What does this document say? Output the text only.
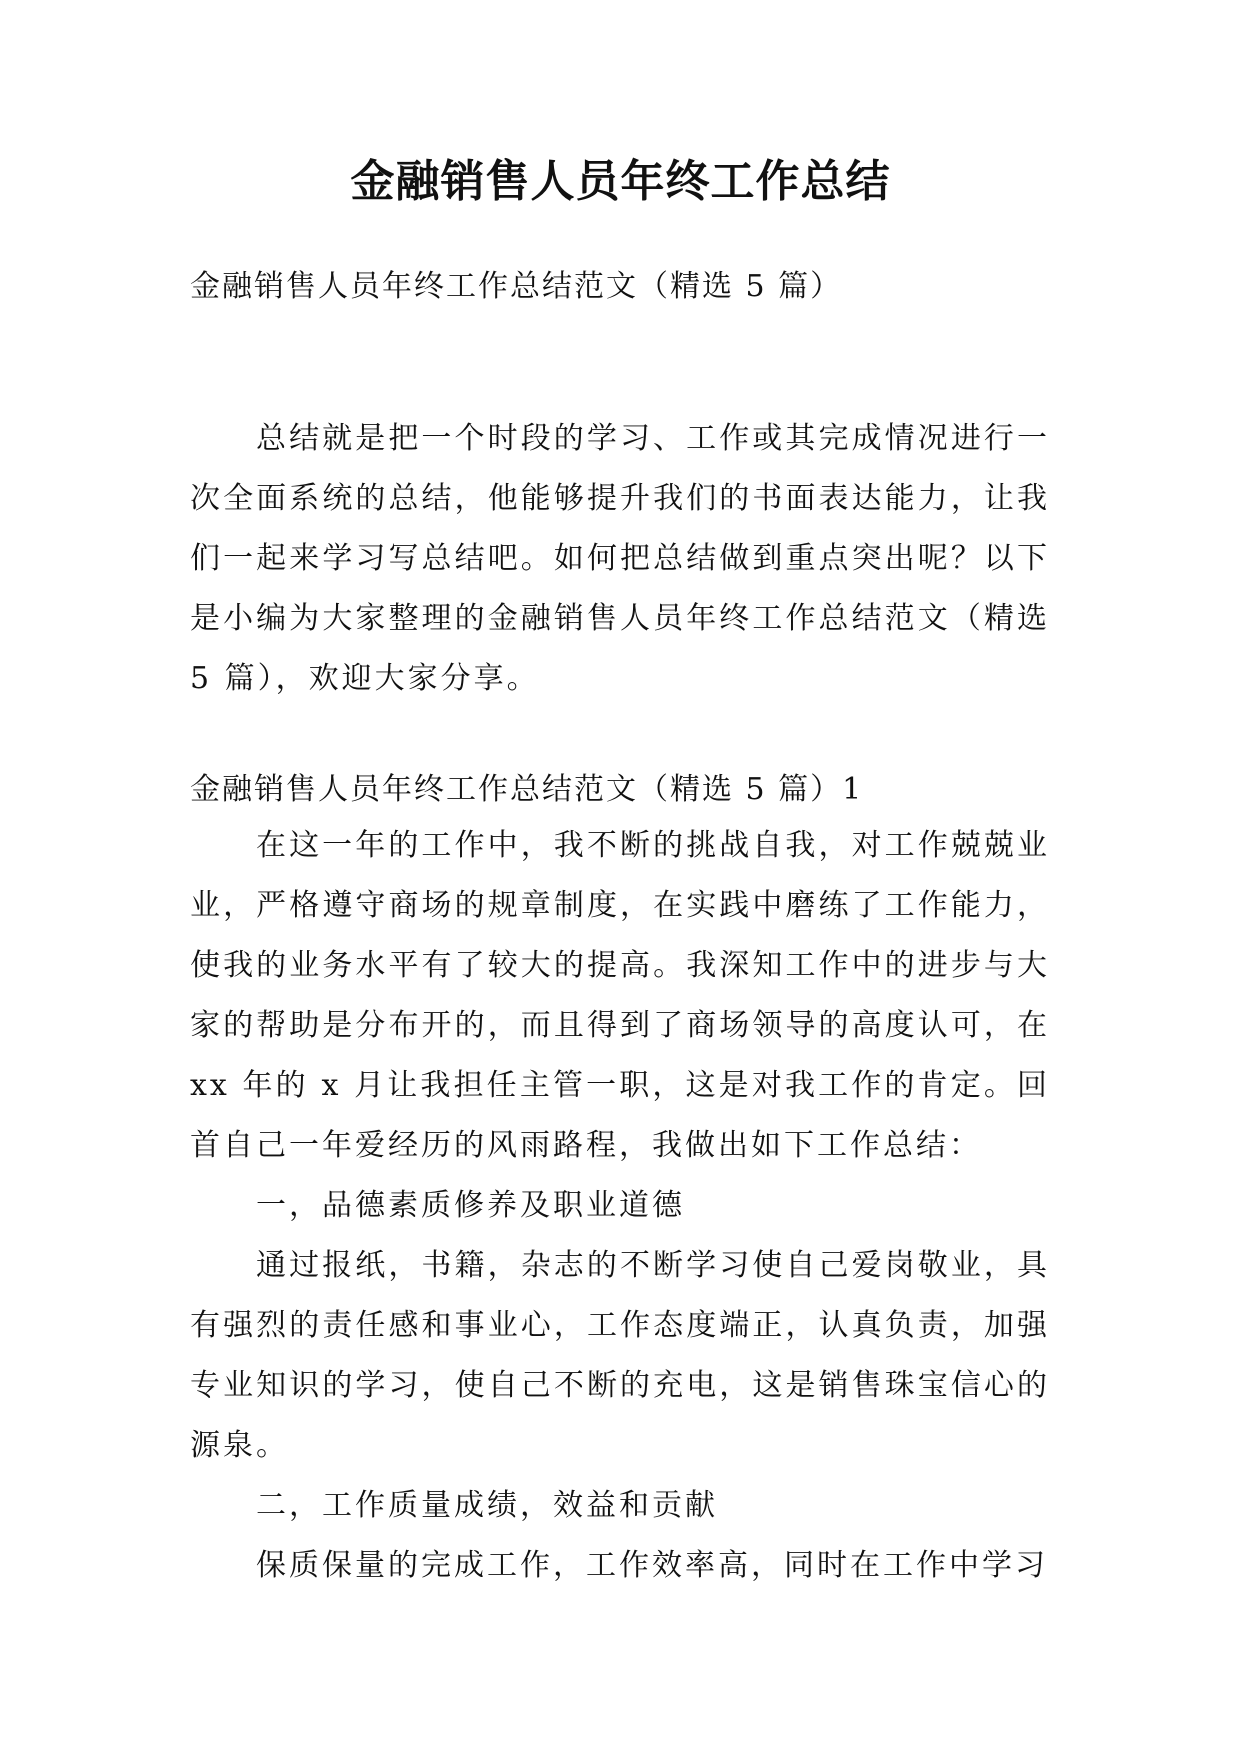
金融销售人员年终工作总结
金融销售人员年终工作总结范文（精选 5 篇）

总结就是把一个时段的学习、工作或其完成情况进行一次全面系统的总结，他能够提升我们的书面表达能力，让我们一起来学习写总结吧。如何把总结做到重点突出呢？以下是小编为大家整理的金融销售人员年终工作总结范文（精选5 篇），欢迎大家分享。

金融销售人员年终工作总结范文（精选 5 篇）1

在这一年的工作中，我不断的挑战自我，对工作兢兢业业，严格遵守商场的规章制度，在实践中磨练了工作能力，使我的业务水平有了较大的提高。我深知工作中的进步与大家的帮助是分布开的，而且得到了商场领导的高度认可，在 xx 年的 x 月让我担任主管一职，这是对我工作的肯定。回首自己一年爱经历的风雨路程，我做出如下工作总结：

一，品德素质修养及职业道德

通过报纸，书籍，杂志的不断学习使自己爱岗敬业，具有强烈的责任感和事业心，工作态度端正，认真负责，加强专业知识的学习，使自己不断的充电，这是销售珠宝信心的源泉。

二，工作质量成绩，效益和贡献

保质保量的完成工作，工作效率高，同时在工作中学习
